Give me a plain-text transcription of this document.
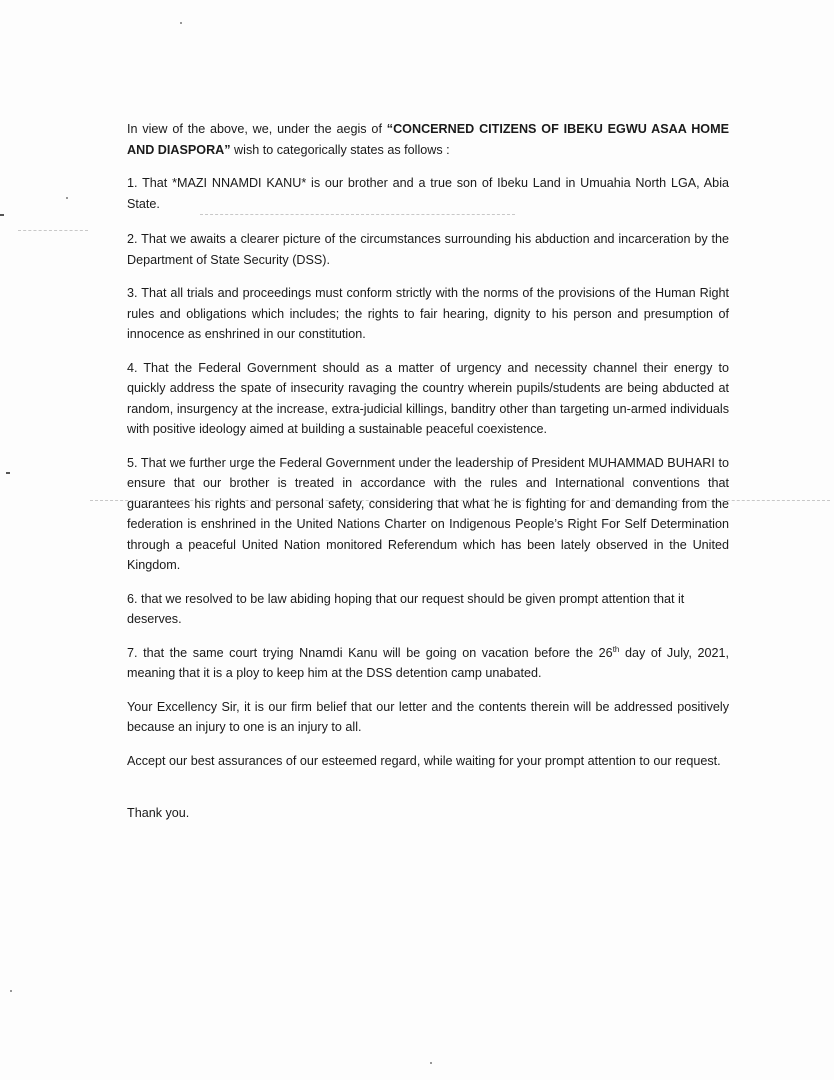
In view of the above, we, under the aegis of “CONCERNED CITIZENS OF IBEKU EGWU ASAA HOME AND DIASPORA” wish to categorically states as follows :

1. That *MAZI NNAMDI KANU* is our brother and a true son of Ibeku Land in Umuahia North LGA, Abia State.

2. That we awaits a clearer picture of the circumstances surrounding his abduction and incarceration by the Department of State Security (DSS).

3. That all trials and proceedings must conform strictly with the norms of the provisions of the Human Right rules and obligations which includes; the rights to fair hearing, dignity to his person and presumption of innocence as enshrined in our constitution.

4. That the Federal Government should as a matter of urgency and necessity channel their energy to quickly address the spate of insecurity ravaging the country wherein pupils/students are being abducted at random, insurgency at the increase, extra-judicial killings, banditry other than targeting un-armed individuals with positive ideology aimed at building a sustainable peaceful coexistence.

5. That we further urge the Federal Government under the leadership of President MUHAMMAD BUHARI to ensure that our brother is treated in accordance with the rules and International conventions that guarantees his rights and personal safety, considering that what he is fighting for and demanding from the federation is enshrined in the United Nations Charter on Indigenous People’s Right For Self Determination through a peaceful United Nation monitored Referendum which has been lately observed in the United Kingdom.

6. that we resolved to be law abiding hoping that our request should be given prompt attention that it deserves.

7. that the same court trying Nnamdi Kanu will be going on vacation before the 26th day of July, 2021, meaning that it is a ploy to keep him at the DSS detention camp unabated.

Your Excellency Sir, it is our firm belief that our letter and the contents therein will be addressed positively because an injury to one is an injury to all.

Accept our best assurances of our esteemed regard, while waiting for your prompt attention to our request.

Thank you.
